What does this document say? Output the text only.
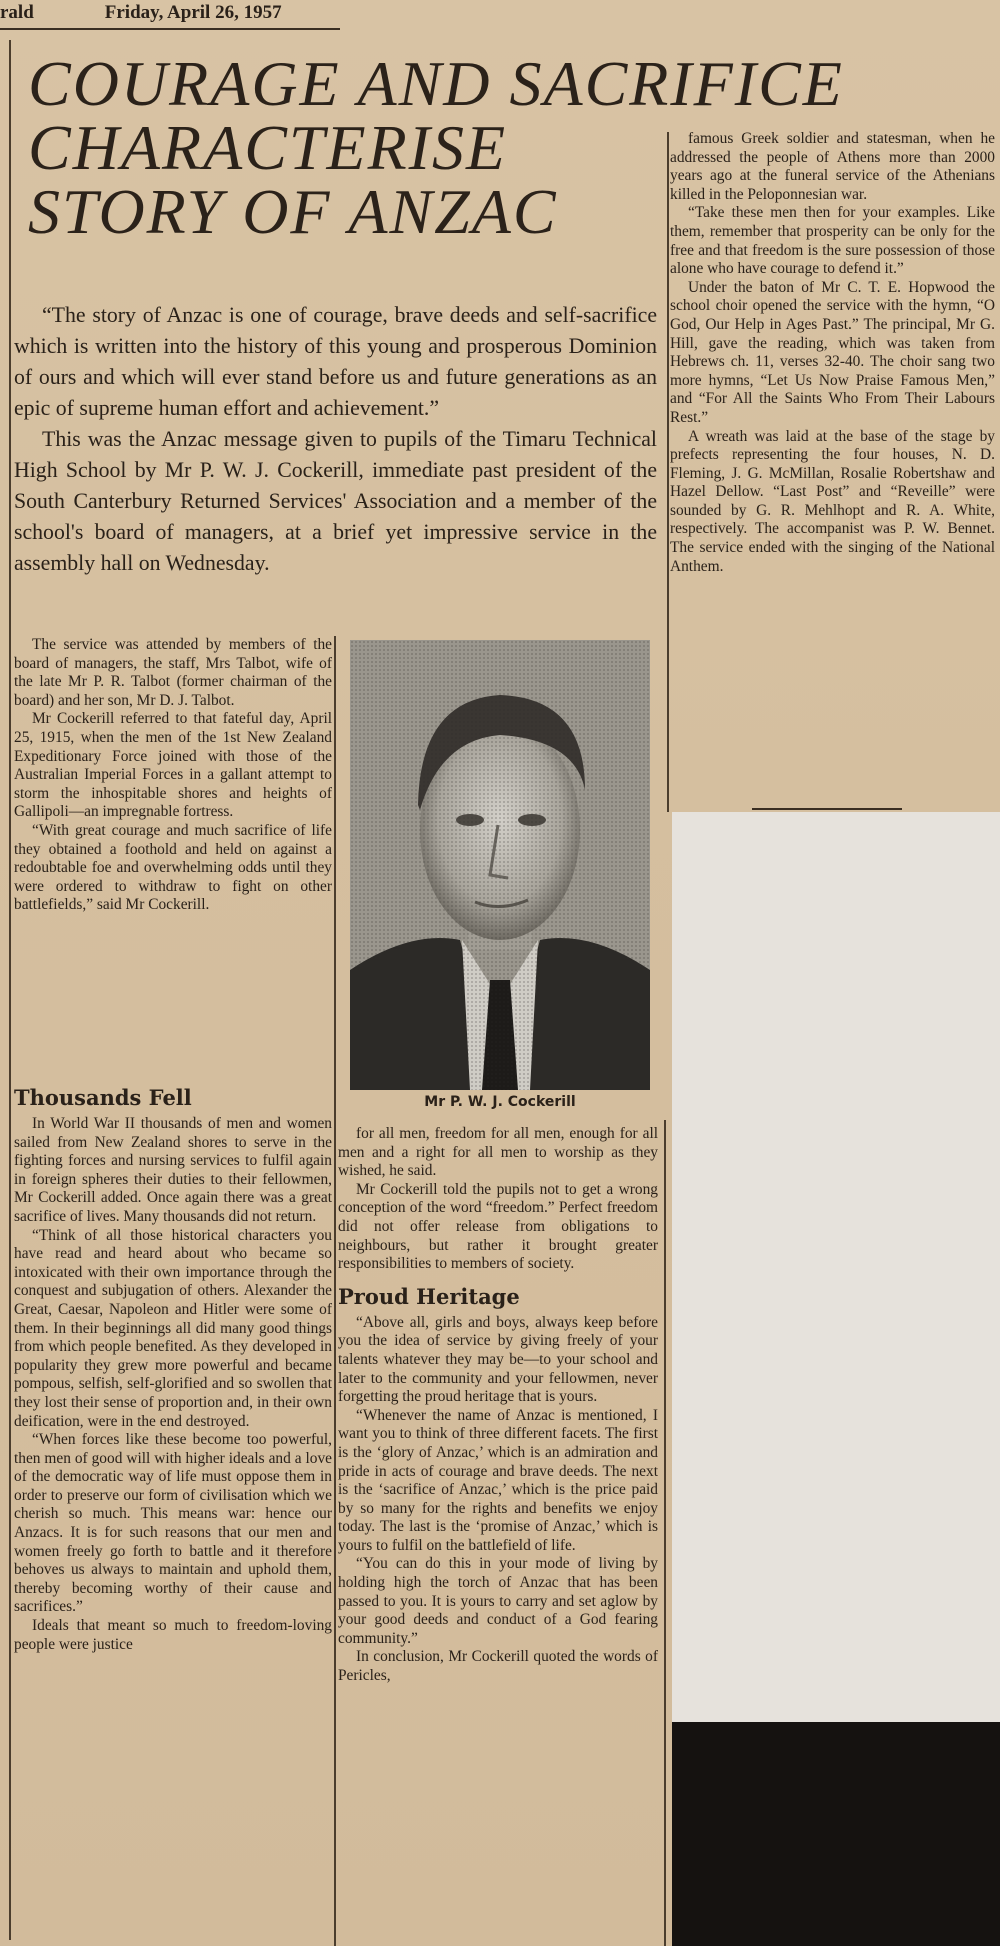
rald	Friday, April 26, 1957
COURAGE AND SACRIFICE
CHARACTERISE
STORY OF ANZAC

“The story of Anzac is one of courage, brave deeds and self-sacrifice which is written into the history of this young and prosperous Dominion of ours and which will ever stand before us and future generations as an epic of supreme human effort and achievement.”

This was the Anzac message given to pupils of the Timaru Technical High School by Mr P. W. J. Cockerill, immediate past president of the South Canterbury Returned Services' Association and a member of the school's board of managers, at a brief yet impressive service in the assembly hall on Wednesday.

famous Greek soldier and statesman, when he addressed the people of Athens more than 2000 years ago at the funeral service of the Athenians killed in the Peloponnesian war.

“Take these men then for your examples. Like them, remember that prosperity can be only for the free and that freedom is the sure possession of those alone who have courage to defend it.”

Under the baton of Mr C. T. E. Hopwood the school choir opened the service with the hymn, “O God, Our Help in Ages Past.” The principal, Mr G. Hill, gave the reading, which was taken from Hebrews ch. 11, verses 32-40. The choir sang two more hymns, “Let Us Now Praise Famous Men,” and “For All the Saints Who From Their Labours Rest.”

A wreath was laid at the base of the stage by prefects representing the four houses, N. D. Fleming, J. G. McMillan, Rosalie Robertshaw and Hazel Dellow. “Last Post” and “Reveille” were sounded by G. R. Mehlhopt and R. A. White, respectively. The accompanist was P. W. Bennet. The service ended with the singing of the National Anthem.

The service was attended by members of the board of managers, the staff, Mrs Talbot, wife of the late Mr P. R. Talbot (former chairman of the board) and her son, Mr D. J. Talbot.

Mr Cockerill referred to that fateful day, April 25, 1915, when the men of the 1st New Zealand Expeditionary Force joined with those of the Australian Imperial Forces in a gallant attempt to storm the inhospitable shores and heights of Gallipoli—an impregnable fortress.

“With great courage and much sacrifice of life they obtained a foothold and held on against a redoubtable foe and overwhelming odds until they were ordered to withdraw to fight on other battlefields,” said Mr Cockerill.

Thousands Fell

In World War II thousands of men and women sailed from New Zealand shores to serve in the fighting forces and nursing services to fulfil again in foreign spheres their duties to their fellowmen, Mr Cockerill added. Once again there was a great sacrifice of lives. Many thousands did not return.

“Think of all those historical characters you have read and heard about who became so intoxicated with their own importance through the conquest and subjugation of others. Alexander the Great, Caesar, Napoleon and Hitler were some of them. In their beginnings all did many good things from which people benefited. As they developed in popularity they grew more powerful and became pompous, selfish, self-glorified and so swollen that they lost their sense of proportion and, in their own deification, were in the end destroyed.

“When forces like these become too powerful, then men of good will with higher ideals and a love of the democratic way of life must oppose them in order to preserve our form of civilisation which we cherish so much. This means war: hence our Anzacs. It is for such reasons that our men and women freely go forth to battle and it therefore behoves us always to maintain and uphold them, thereby becoming worthy of their cause and sacrifices.”

Ideals that meant so much to freedom-loving people were justice

Mr P. W. J. Cockerill

for all men, freedom for all men, enough for all men and a right for all men to worship as they wished, he said.

Mr Cockerill told the pupils not to get a wrong conception of the word “freedom.” Perfect freedom did not offer release from obligations to neighbours, but rather it brought greater responsibilities to members of society.

Proud Heritage

“Above all, girls and boys, always keep before you the idea of service by giving freely of your talents whatever they may be—to your school and later to the community and your fellowmen, never forgetting the proud heritage that is yours.

“Whenever the name of Anzac is mentioned, I want you to think of three different facets. The first is the ‘glory of Anzac,’ which is an admiration and pride in acts of courage and brave deeds. The next is the ‘sacrifice of Anzac,’ which is the price paid by so many for the rights and benefits we enjoy today. The last is the ‘promise of Anzac,’ which is yours to fulfil on the battlefield of life.

“You can do this in your mode of living by holding high the torch of Anzac that has been passed to you. It is yours to carry and set aglow by your good deeds and conduct of a God fearing community.”

In conclusion, Mr Cockerill quoted the words of Pericles,
